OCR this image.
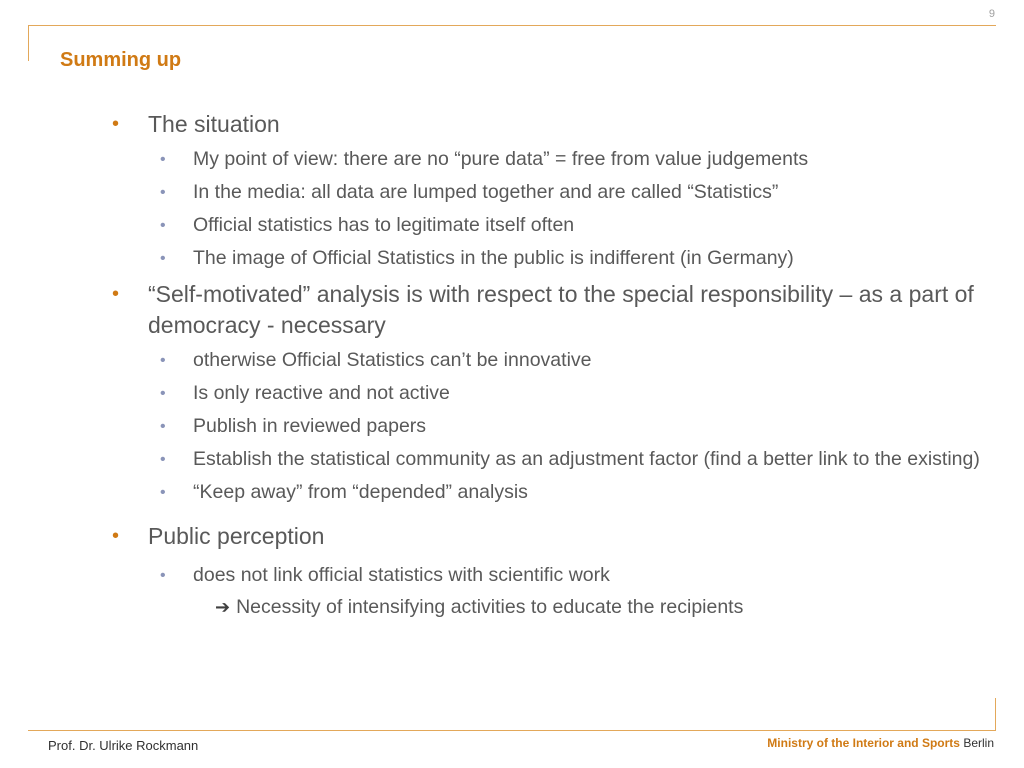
9
Summing up
• The situation
• My point of view: there are no “pure data” = free from value judgements
• In the media: all data are lumped together and are called “Statistics”
• Official statistics has to legitimate itself often
• The image of Official Statistics in the public is indifferent (in Germany)
• “Self-motivated” analysis is with respect to the special responsibility – as a part of democracy - necessary
• otherwise Official Statistics can’t be innovative
• Is only reactive and not active
• Publish in reviewed papers
• Establish the statistical community as an adjustment factor (find a better link to the existing)
• “Keep away” from “depended” analysis
• Public perception
• does not link official statistics with scientific work
➔ Necessity of intensifying activities to educate the recipients
Prof. Dr. Ulrike Rockmann	Ministry of the Interior and Sports Berlin
